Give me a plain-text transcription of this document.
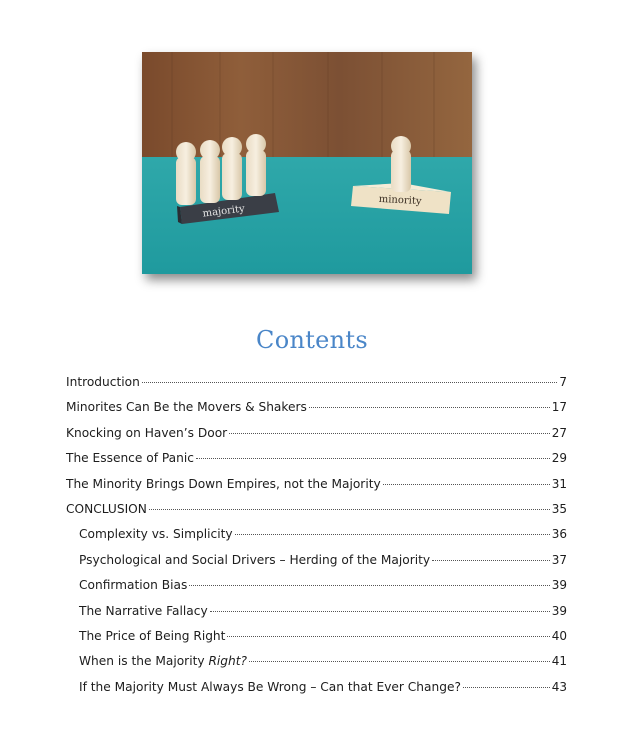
majority
minority
Contents
Introduction	7
Minorites Can Be the Movers & Shakers	17
Knocking on Haven’s Door	27
The Essence of Panic	29
The Minority Brings Down Empires, not the Majority	31
CONCLUSION	35
Complexity vs. Simplicity	36
Psychological and Social Drivers – Herding of the Majority	37
Confirmation Bias	39
The Narrative Fallacy	39
The Price of Being Right	40
When is the Majority Right?	41
If the Majority Must Always Be Wrong – Can that Ever Change?	43
